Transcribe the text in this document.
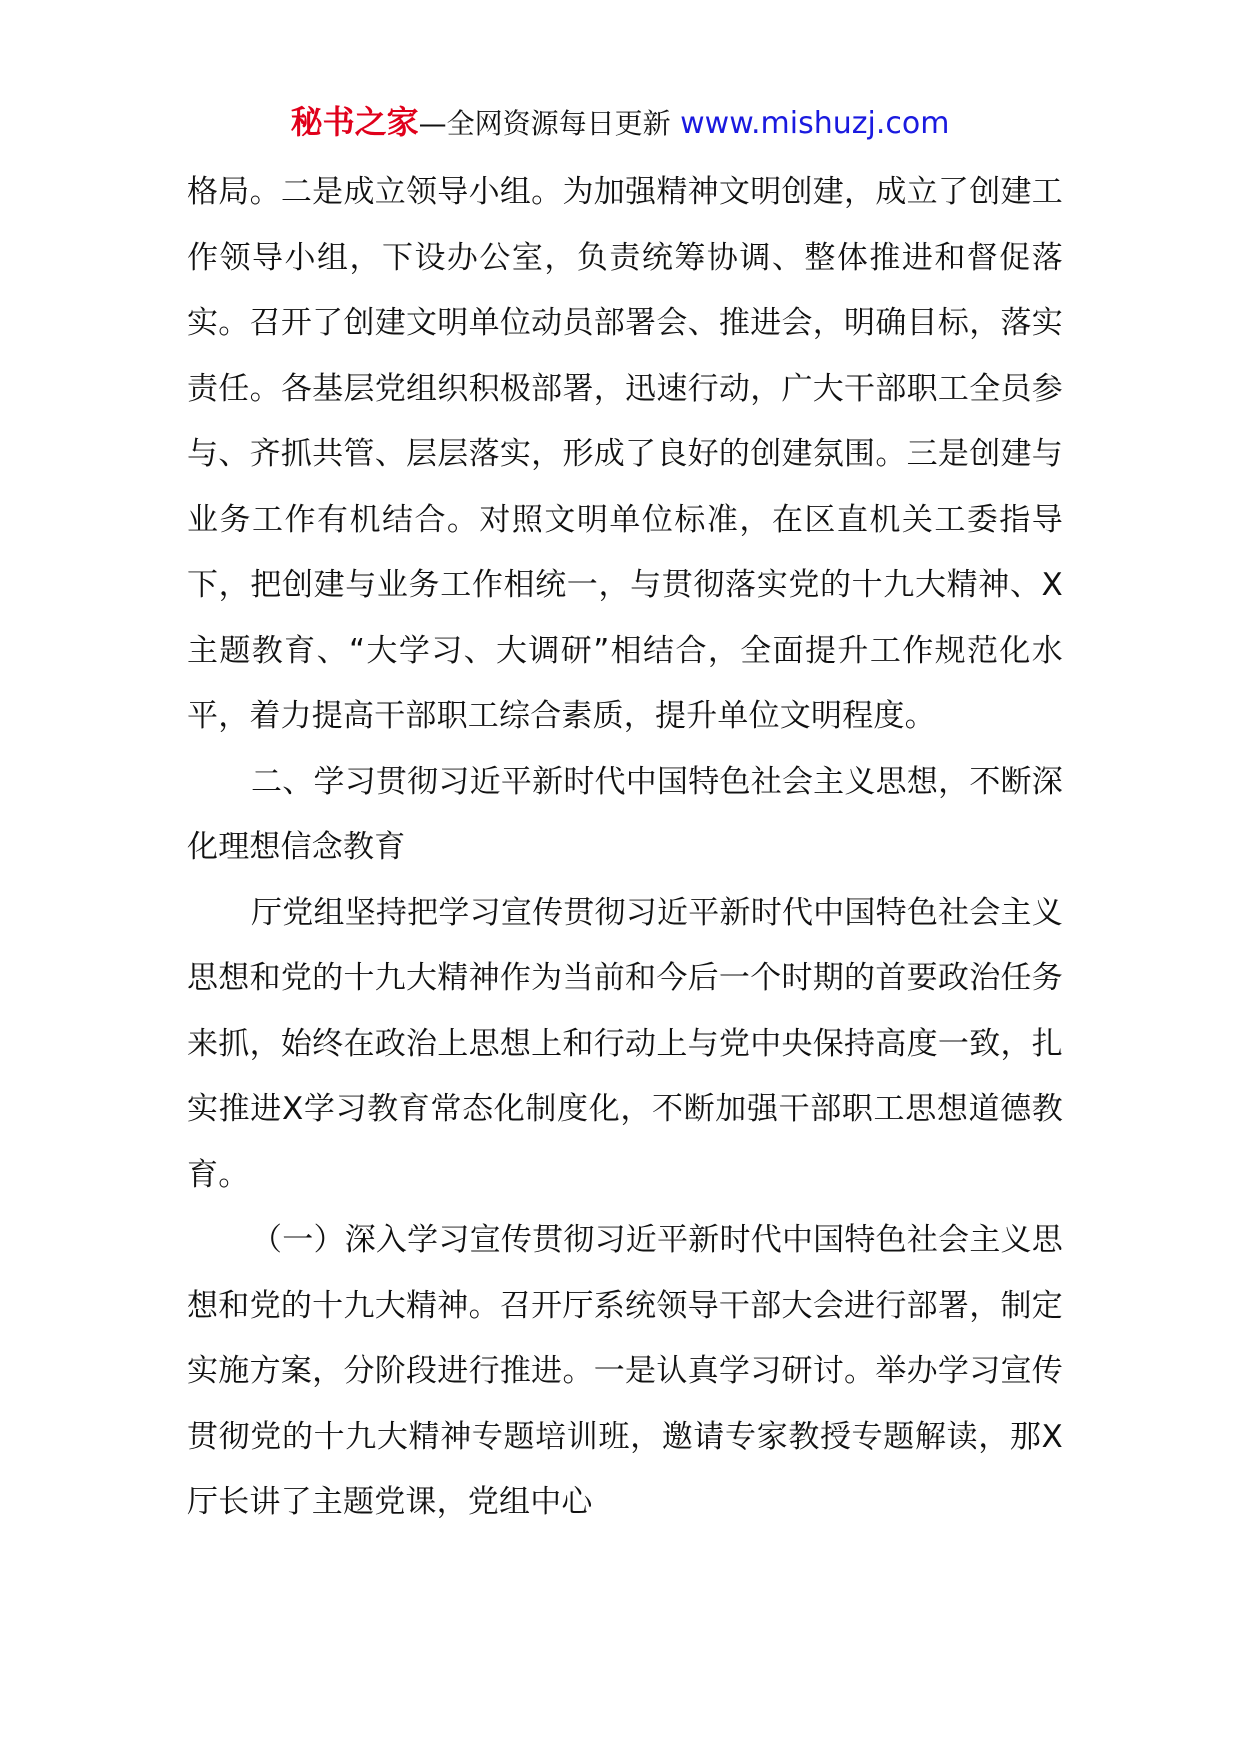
秘书之家—全网资源每日更新 www.mishuzj.com

格局。二是成立领导小组。为加强精神文明创建，成立了创建工作领导小组，下设办公室，负责统筹协调、整体推进和督促落实。召开了创建文明单位动员部署会、推进会，明确目标，落实责任。各基层党组织积极部署，迅速行动，广大干部职工全员参与、齐抓共管、层层落实，形成了良好的创建氛围。三是创建与业务工作有机结合。对照文明单位标准，在区直机关工委指导下，把创建与业务工作相统一，与贯彻落实党的十九大精神、X主题教育、“大学习、大调研”相结合，全面提升工作规范化水平，着力提高干部职工综合素质，提升单位文明程度。

二、学习贯彻习近平新时代中国特色社会主义思想，不断深化理想信念教育

厅党组坚持把学习宣传贯彻习近平新时代中国特色社会主义思想和党的十九大精神作为当前和今后一个时期的首要政治任务来抓，始终在政治上思想上和行动上与党中央保持高度一致，扎实推进X学习教育常态化制度化，不断加强干部职工思想道德教育。

（一）深入学习宣传贯彻习近平新时代中国特色社会主义思想和党的十九大精神。召开厅系统领导干部大会进行部署，制定实施方案，分阶段进行推进。一是认真学习研讨。举办学习宣传贯彻党的十九大精神专题培训班，邀请专家教授专题解读，那X厅长讲了主题党课，党组中心
